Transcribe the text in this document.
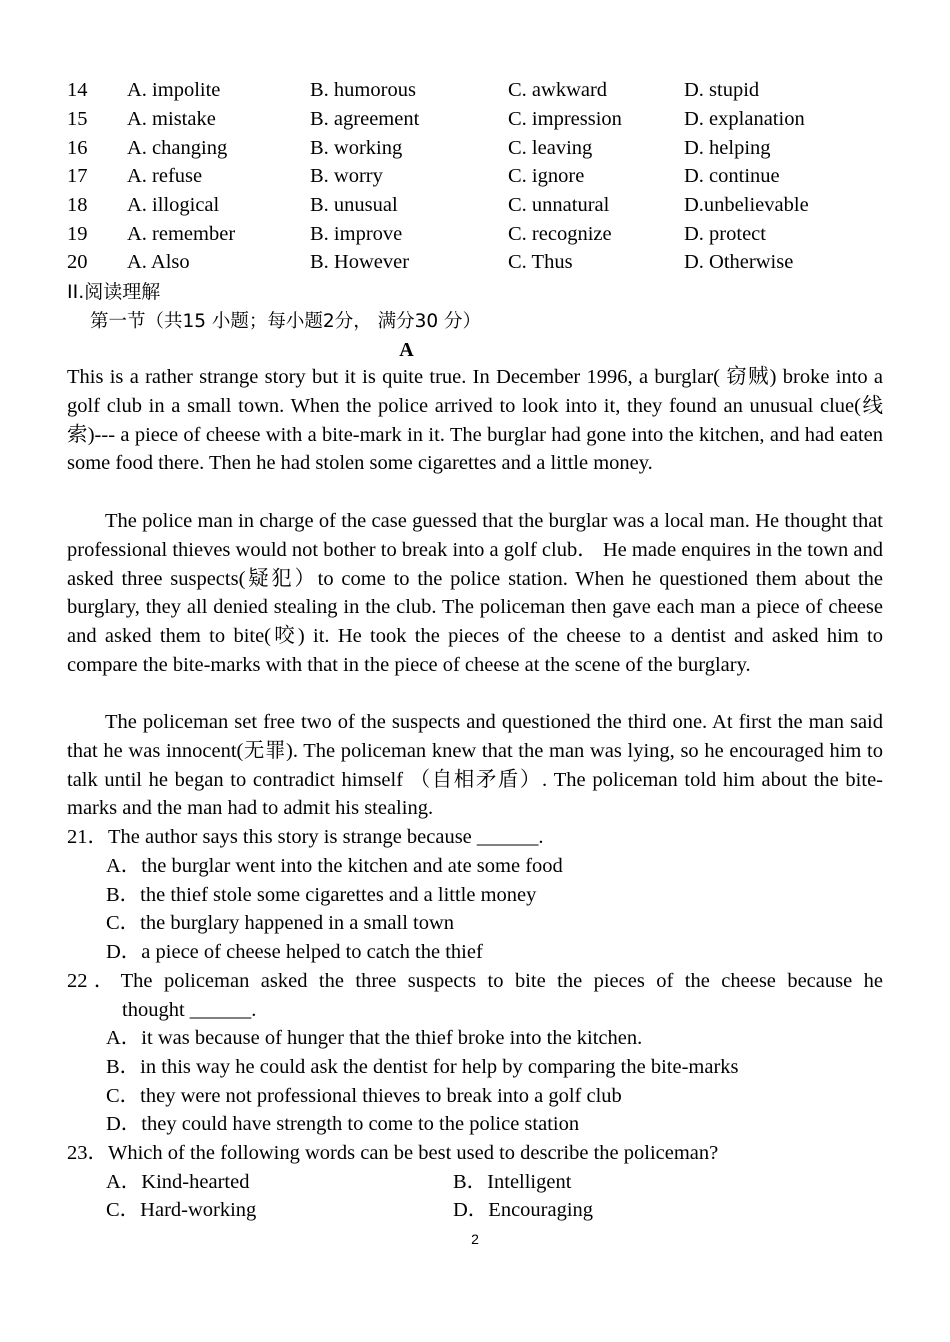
14 A. impolite	B. humorous	C. awkward	D. stupid
15 A. mistake	B. agreement	C. impression	D. explanation
16 A. changing	B. working	C. leaving	D. helping
17 A. refuse	B. worry	C. ignore	D. continue
18 A. illogical	B. unusual	C. unnatural	D.unbelievable
19 A. remember	B. improve	C. recognize	D. protect
20 A. Also	B. However	C. Thus	D. Otherwise
II.阅读理解
第一节（共15 小题；每小题2分， 满分30 分）
A

This is a rather strange story but it is quite true. In December 1996, a burglar( 窃贼) broke into a golf club in a small town. When the police arrived to look into it, they found an unusual clue(线索)--- a piece of cheese with a bite-mark in it. The burglar had gone into the kitchen, and had eaten some food there. Then he had stolen some cigarettes and a little money.

The police man in charge of the case guessed that the burglar was a local man. He thought that professional thieves would not bother to break into a golf club． He made enquires in the town and asked three suspects(疑犯）to come to the police station. When he questioned them about the burglary, they all denied stealing in the club. The policeman then gave each man a piece of cheese and asked them to bite(咬) it. He took the pieces of the cheese to a dentist and asked him to compare the bite-marks with that in the piece of cheese at the scene of the burglary.

The policeman set free two of the suspects and questioned the third one. At first the man said that he was innocent(无罪). The policeman knew that the man was lying, so he encouraged him to talk until he began to contradict himself （自相矛盾）. The policeman told him about the bite-marks and the man had to admit his stealing.

21．The author says this story is strange because ______.
A．the burglar went into the kitchen and ate some food
B．the thief stole some cigarettes and a little money
C．the burglary happened in a small town
D．a piece of cheese helped to catch the thief
22．The policeman asked the three suspects to bite the pieces of the cheese because he
thought ______.
A．it was because of hunger that the thief broke into the kitchen.
B．in this way he could ask the dentist for help by comparing the bite-marks
C．they were not professional thieves to break into a golf club
D．they could have strength to come to the police station
23．Which of the following words can be best used to describe the policeman?
A．Kind-hearted	B．Intelligent
C．Hard-working	D．Encouraging
2
